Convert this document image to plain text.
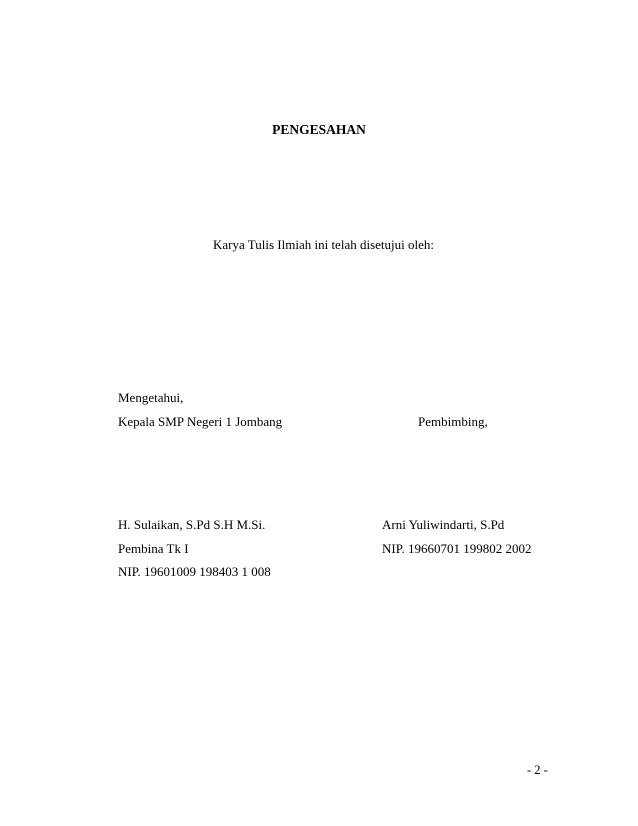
PENGESAHAN
Karya Tulis Ilmiah ini telah disetujui oleh:
Mengetahui,
Kepala SMP Negeri 1 Jombang	Pembimbing,
H. Sulaikan, S.Pd S.H M.Si.	Arni Yuliwindarti, S.Pd
Pembina Tk I	NIP. 19660701 199802 2002
NIP. 19601009 198403 1 008
- 2 -
